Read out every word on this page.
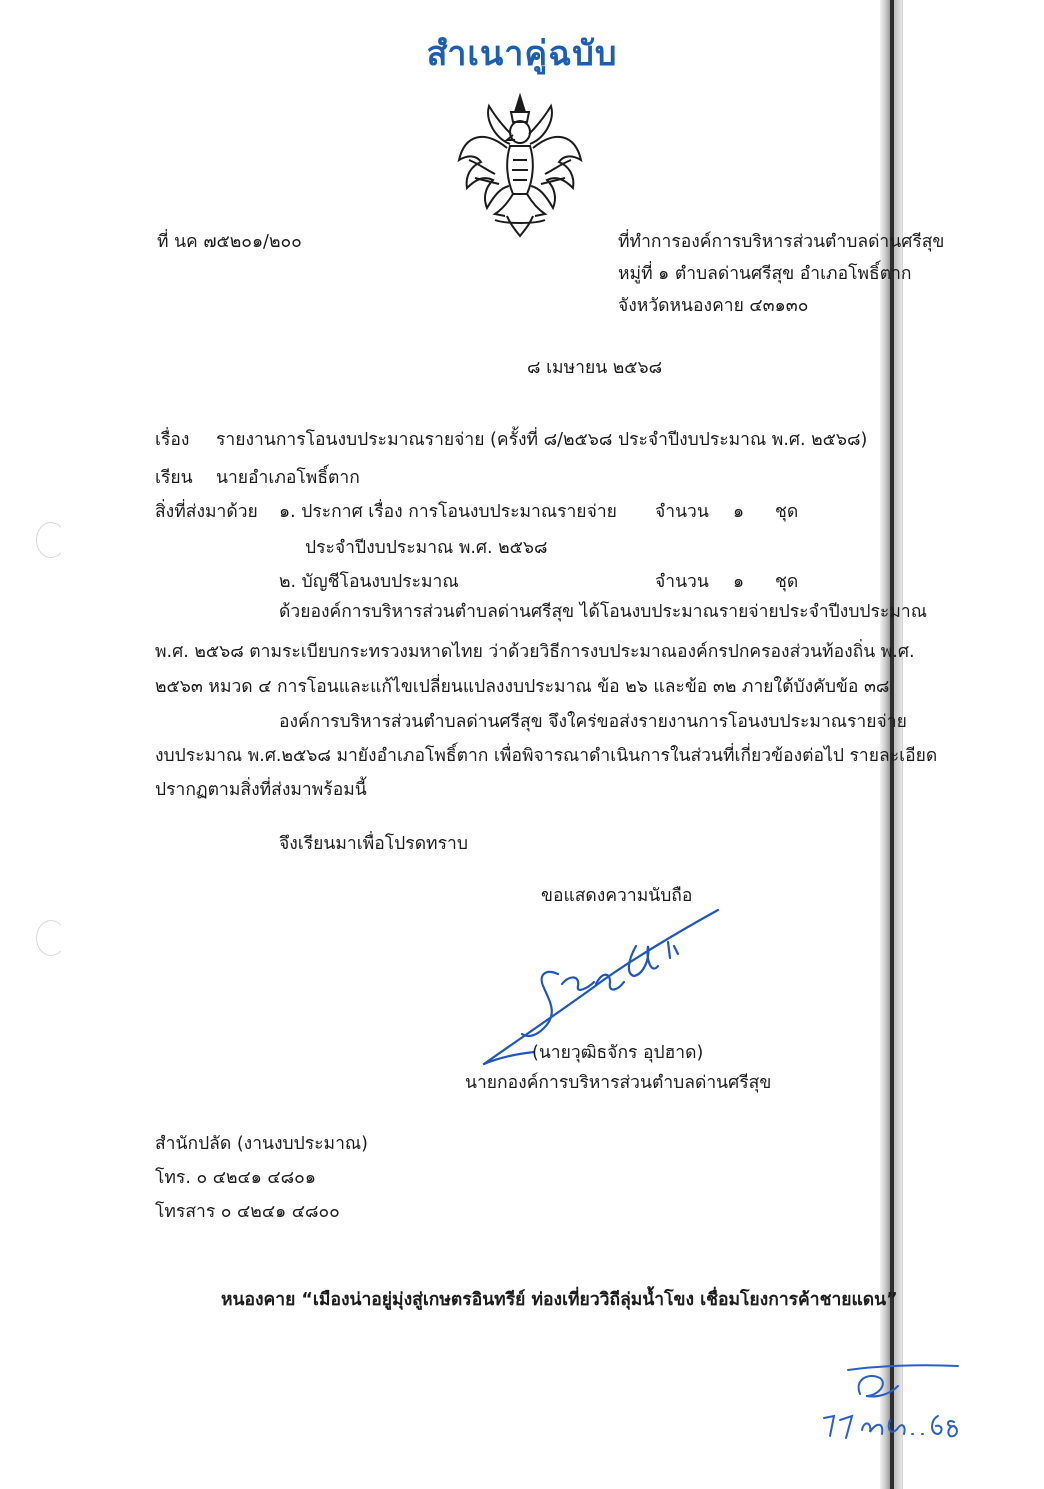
สำเนาคู่ฉบับ
ที่ นค ๗๕๒๐๑/๒๐๐	ที่ทำการองค์การบริหารส่วนตำบลด่านศรีสุข
หมู่ที่ ๑ ตำบลด่านศรีสุข อำเภอโพธิ์ตาก
จังหวัดหนองคาย ๔๓๑๓๐
๘ เมษายน ๒๕๖๘
เรื่อง รายงานการโอนงบประมาณรายจ่าย (ครั้งที่ ๘/๒๕๖๘ ประจำปีงบประมาณ พ.ศ. ๒๕๖๘)
เรียน นายอำเภอโพธิ์ตาก
สิ่งที่ส่งมาด้วย ๑. ประกาศ เรื่อง การโอนงบประมาณรายจ่าย จำนวน ๑ ชุด
ประจำปีงบประมาณ พ.ศ. ๒๕๖๘
๒. บัญชีโอนงบประมาณ	จำนวน ๑ ชุด
ด้วยองค์การบริหารส่วนตำบลด่านศรีสุข ได้โอนงบประมาณรายจ่ายประจำปีงบประมาณ
พ.ศ. ๒๕๖๘ ตามระเบียบกระทรวงมหาดไทย ว่าด้วยวิธีการงบประมาณองค์กรปกครองส่วนท้องถิ่น พ.ศ.
๒๕๖๓ หมวด ๔ การโอนและแก้ไขเปลี่ยนแปลงงบประมาณ ข้อ ๒๖ และข้อ ๓๒ ภายใต้บังคับข้อ ๓๘
องค์การบริหารส่วนตำบลด่านศรีสุข จึงใคร่ขอส่งรายงานการโอนงบประมาณรายจ่าย
งบประมาณ พ.ศ.๒๕๖๘ มายังอำเภอโพธิ์ตาก เพื่อพิจารณาดำเนินการในส่วนที่เกี่ยวข้องต่อไป รายละเอียด
ปรากฏตามสิ่งที่ส่งมาพร้อมนี้
จึงเรียนมาเพื่อโปรดทราบ
ขอแสดงความนับถือ
(นายวุฒิธจักร อุปฮาด)
นายกองค์การบริหารส่วนตำบลด่านศรีสุข
สำนักปลัด (งานงบประมาณ)
โทร. ๐ ๔๒๔๑ ๔๘๐๑
โทรสาร ๐ ๔๒๔๑ ๔๘๐๐
หนองคาย “เมืองน่าอยู่มุ่งสู่เกษตรอินทรีย์ ท่องเที่ยววิถีลุ่มน้ำโขง เชื่อมโยงการค้าชายแดน”
